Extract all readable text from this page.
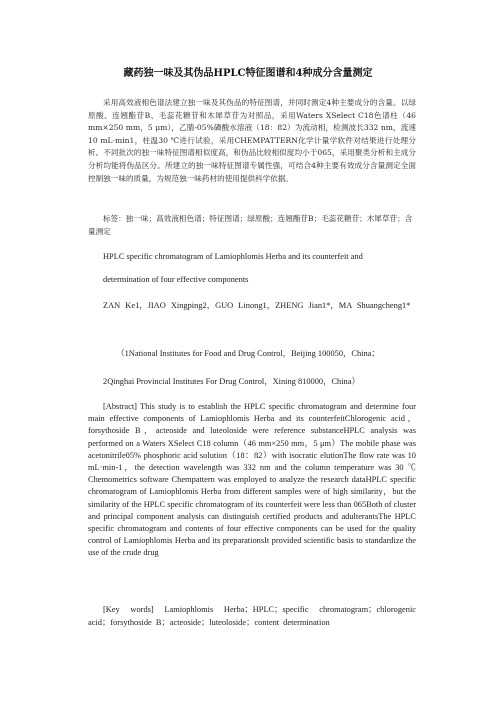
藏药独一味及其伪品HPLC特征图谱和4种成分含量测定
采用高效液相色谱法建立独一味及其伪品的特征图谱，并同时测定4种主要成分的含量。以绿原酸、连翘酯苷B、毛蕊花糖苷和木犀草苷为对照品，采用Waters XSelect C18色谱柱（46 mm×250 mm，5 μm），乙腈-05%磷酸水溶液（18：82）为流动相，检测波长332 nm，流速10 mL·min1，柱温30 ℃进行试验，采用CHEMPATTERN化学计量学软件对结果进行处理分析。不同批次的独一味特征图谱相似度高，和伪品比较相似度均小于065，采用聚类分析和主成分分析均能将伪品区分。所建立的独一味特征图谱专属性强，可结合4种主要有效成分含量测定全面控制独一味的质量，为规范独一味药材的使用提供科学依据。
标签：独一味；高效液相色谱；特征图谱；绿原酸；连翘酯苷B；毛蕊花糖苷；木犀草苷；含量测定
HPLC specific chromatogram of Lamiophlomis Herba and its counterfeit and
determination of four effective components
ZAN Ke1，JIAO Xingping2，GUO Linong1，ZHENG Jian1*，MA Shuangcheng1*
（1National Institutes for Food and Drug Control，Beijing 100050，China；
2Qinghai Provincial Institutes For Drug Control，Xining 810000，China）
[Abstract] This study is to establish the HPLC specific chromatogram and determine four main effective components of Lamiophlomis Herba and its counterfeitChlorogenic acid，forsythoside B，acteoside and luteoloside were reference substanceHPLC analysis was performed on a Waters XSelect C18 column（46 mm×250 mm，5 μm）The mobile phase was acetonitrile05% phosphoric acid solution（18：82）with isocratic elutionThe flow rate was 10 mL·min-1，the detection wavelength was 332 nm and the column temperature was 30 ℃ Chemometrics software Chempattern was employed to analyze the research dataHPLC specific chromatogram of Lamiophlomis Herba from different samples were of high similarity，but the similarity of the HPLC specific chromatogram of its counterfeit were less than 065Both of cluster and principal component analysis can distinguish certified products and adulterantsThe HPLC specific chromatogram and contents of four effective components can be used for the quality control of Lamiophlomis Herba and its preparationsIt provided scientific basis to standardize the use of the crude drug
[Key words] Lamiophlomis Herba；HPLC；specific chromatogram；chlorogenic acid；forsythoside B；acteoside；luteoloside；content determination
